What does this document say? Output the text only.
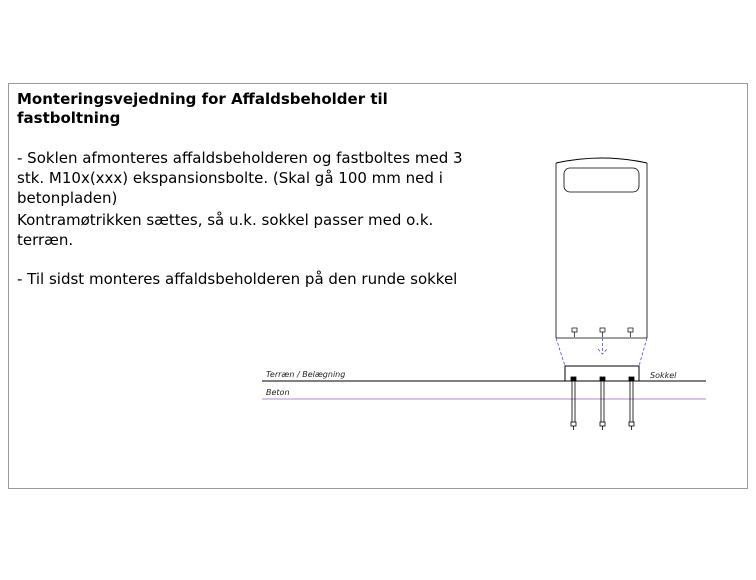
Monteringsvejedning for Affaldsbeholder til
fastboltning

- Soklen afmonteres affaldsbeholderen og fastboltes med 3 stk. M10x(xxx) ekspansionsbolte. (Skal gå 100 mm ned i betonpladen)

Kontramøtrikken sættes, så u.k. sokkel passer med o.k. terræn.

- Til sidst monteres affaldsbeholderen på den runde sokkel

Terræn / Belægning
Beton
Sokkel
